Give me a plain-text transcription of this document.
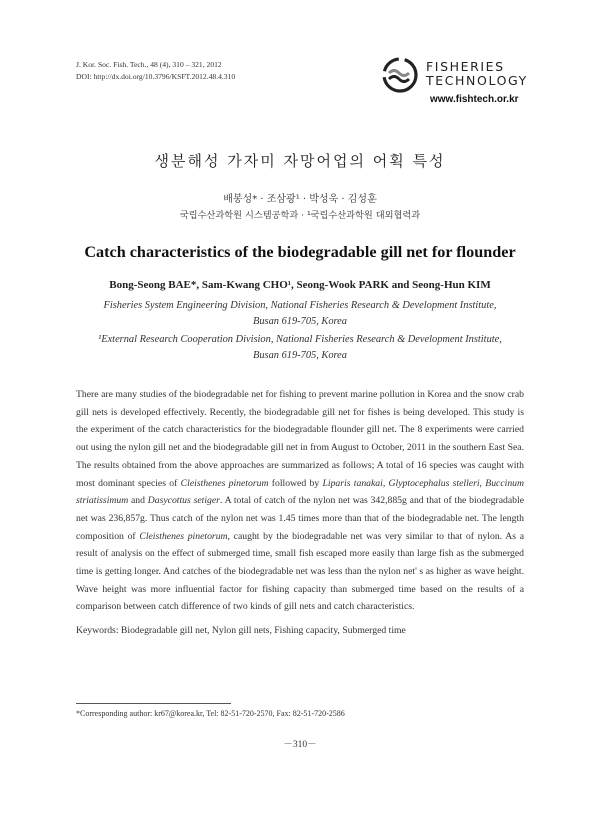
J. Kor. Soc. Fish. Tech., 48 (4), 310 – 321, 2012
DOI: http://dx.doi.org/10.3796/KSFT.2012.48.4.310
FISHERIES
TECHNOLOGY
www.fishtech.or.kr
생분해성 가자미 자망어업의 어획 특성
배봉성* · 조삼광¹ · 박성욱 · 김성훈
국립수산과학원 시스템공학과 · ¹국립수산과학원 대외협력과
Catch characteristics of the biodegradable gill net for flounder
Bong-Seong BAE*, Sam-Kwang CHO¹, Seong-Wook PARK and Seong-Hun KIM
Fisheries System Engineering Division, National Fisheries Research & Development Institute,
Busan 619-705, Korea
¹External Research Cooperation Division, National Fisheries Research & Development Institute,
Busan 619-705, Korea

There are many studies of the biodegradable net for fishing to prevent marine pollution in Korea and the snow crab gill nets is developed effectively. Recently, the biodegradable gill net for fishes is being developed. This study is the experiment of the catch characteristics for the biodegradable flounder gill net. The 8 experiments were carried out using the nylon gill net and the biodegradable gill net in from August to October, 2011 in the southern East Sea. The results obtained from the above approaches are summarized as follows; A total of 16 species was caught with most dominant species of Cleisthenes pinetorum followed by Liparis tanakai, Glyptocephalus stelleri, Buccinum striatissimum and Dasycottus setiger. A total of catch of the nylon net was 342,885g and that of the biodegradable net was 236,857g. Thus catch of the nylon net was 1.45 times more than that of the biodegradable net. The length composition of Cleisthenes pinetorum, caught by the biodegradable net was very similar to that of nylon. As a result of analysis on the effect of submerged time, small fish escaped more easily than large fish as the submerged time is getting longer. And catches of the biodegradable net was less than the nylon net' s as higher as wave height. Wave height was more influential factor for fishing capacity than submerged time based on the results of a comparison between catch difference of two kinds of gill nets and catch characteristics.

Keywords: Biodegradable gill net, Nylon gill nets, Fishing capacity, Submerged time
*Corresponding author: kr67@korea.kr, Tel: 82-51-720-2570, Fax: 82-51-720-2586
－310－
